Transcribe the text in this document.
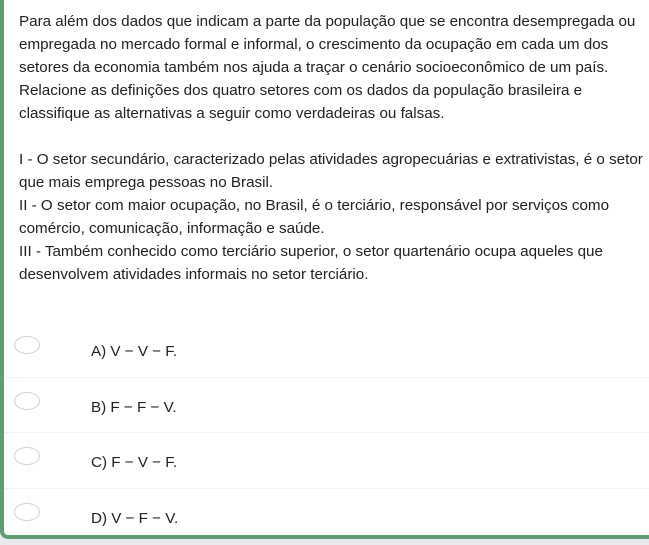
Para além dos dados que indicam a parte da população que se encontra desempregada ou empregada no mercado formal e informal, o crescimento da ocupação em cada um dos setores da economia também nos ajuda a traçar o cenário socioeconômico de um país. Relacione as definições dos quatro setores com os dados da população brasileira e classifique as alternativas a seguir como verdadeiras ou falsas.

I - O setor secundário, caracterizado pelas atividades agropecuárias e extrativistas, é o setor que mais emprega pessoas no Brasil.

II - O setor com maior ocupação, no Brasil, é o terciário, responsável por serviços como comércio, comunicação, informação e saúde.

III - Também conhecido como terciário superior, o setor quartenário ocupa aqueles que desenvolvem atividades informais no setor terciário.

A) V − V − F.
B) F − F − V.
C) F − V − F.
D) V − F − V.
